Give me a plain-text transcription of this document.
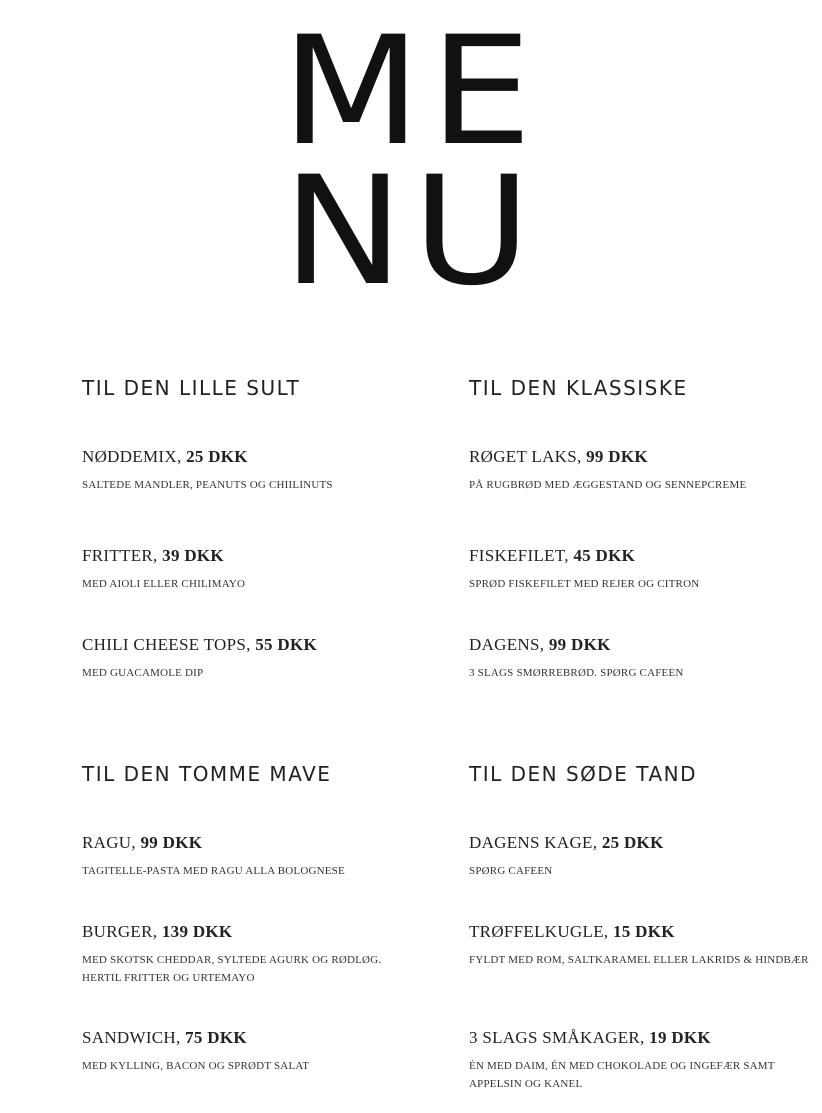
ME
NU
TIL DEN LILLE SULT
NØDDEMIX, 25 DKK
SALTEDE MANDLER, PEANUTS OG CHIILINUTS
FRITTER, 39 DKK
MED AIOLI ELLER CHILIMAYO
CHILI CHEESE TOPS, 55 DKK
MED GUACAMOLE DIP
TIL DEN KLASSISKE
RØGET LAKS, 99 DKK
PÅ RUGBRØD MED ÆGGESTAND OG SENNEPCREME
FISKEFILET, 45 DKK
SPRØD FISKEFILET MED REJER OG CITRON
DAGENS, 99 DKK
3 SLAGS SMØRREBRØD. SPØRG CAFEEN
TIL DEN TOMME MAVE
RAGU, 99 DKK
TAGITELLE-PASTA MED RAGU ALLA BOLOGNESE
BURGER, 139 DKK
MED SKOTSK CHEDDAR, SYLTEDE AGURK OG RØDLØG. HERTIL FRITTER OG URTEMAYO
SANDWICH, 75 DKK
MED KYLLING, BACON OG SPRØDT SALAT
TIL DEN SØDE TAND
DAGENS KAGE, 25 DKK
SPØRG CAFEEN
TRØFFELKUGLE, 15 DKK
FYLDT MED ROM, SALTKARAMEL ELLER LAKRIDS & HINDBÆR
3 SLAGS SMÅKAGER, 19 DKK
ÉN MED DAIM, ÉN MED CHOKOLADE OG INGEFÆR SAMT APPELSIN OG KANEL
